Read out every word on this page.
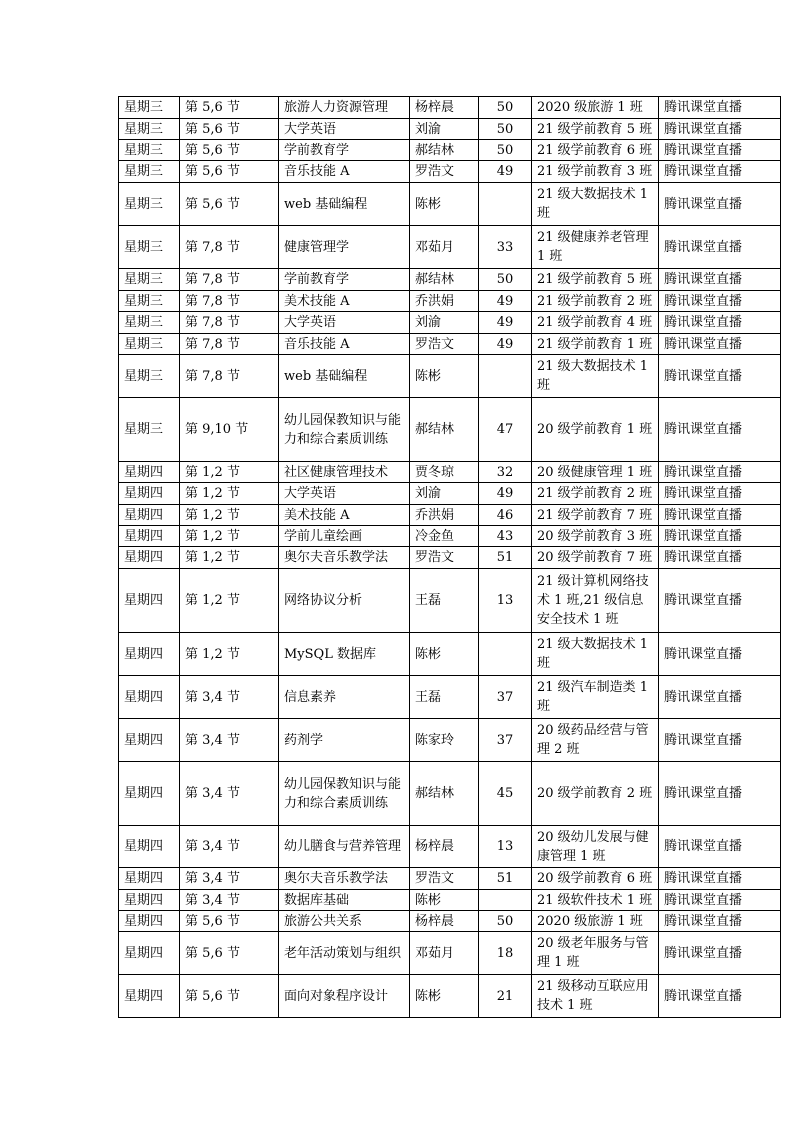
星期三	第 5,6 节	旅游人力资源管理	杨梓晨	50	2020 级旅游 1 班	腾讯课堂直播
星期三	第 5,6 节	大学英语	刘渝	50	21 级学前教育 5 班	腾讯课堂直播
星期三	第 5,6 节	学前教育学	郝结林	50	21 级学前教育 6 班	腾讯课堂直播
星期三	第 5,6 节	音乐技能 A	罗浩文	49	21 级学前教育 3 班	腾讯课堂直播
星期三	第 5,6 节	web 基础编程	陈彬		21 级大数据技术 1 班	腾讯课堂直播
星期三	第 7,8 节	健康管理学	邓茹月	33	21 级健康养老管理 1 班	腾讯课堂直播
星期三	第 7,8 节	学前教育学	郝结林	50	21 级学前教育 5 班	腾讯课堂直播
星期三	第 7,8 节	美术技能 A	乔洪娟	49	21 级学前教育 2 班	腾讯课堂直播
星期三	第 7,8 节	大学英语	刘渝	49	21 级学前教育 4 班	腾讯课堂直播
星期三	第 7,8 节	音乐技能 A	罗浩文	49	21 级学前教育 1 班	腾讯课堂直播
星期三	第 7,8 节	web 基础编程	陈彬		21 级大数据技术 1 班	腾讯课堂直播
星期三	第 9,10 节	幼儿园保教知识与能力和综合素质训练	郝结林	47	20 级学前教育 1 班	腾讯课堂直播
星期四	第 1,2 节	社区健康管理技术	贾冬琼	32	20 级健康管理 1 班	腾讯课堂直播
星期四	第 1,2 节	大学英语	刘渝	49	21 级学前教育 2 班	腾讯课堂直播
星期四	第 1,2 节	美术技能 A	乔洪娟	46	21 级学前教育 7 班	腾讯课堂直播
星期四	第 1,2 节	学前儿童绘画	冷金鱼	43	20 级学前教育 3 班	腾讯课堂直播
星期四	第 1,2 节	奥尔夫音乐教学法	罗浩文	51	20 级学前教育 7 班	腾讯课堂直播
星期四	第 1,2 节	网络协议分析	王磊	13	21 级计算机网络技术 1 班,21 级信息安全技术 1 班	腾讯课堂直播
星期四	第 1,2 节	MySQL 数据库	陈彬		21 级大数据技术 1 班	腾讯课堂直播
星期四	第 3,4 节	信息素养	王磊	37	21 级汽车制造类 1 班	腾讯课堂直播
星期四	第 3,4 节	药剂学	陈家玲	37	20 级药品经营与管理 2 班	腾讯课堂直播
星期四	第 3,4 节	幼儿园保教知识与能力和综合素质训练	郝结林	45	20 级学前教育 2 班	腾讯课堂直播
星期四	第 3,4 节	幼儿膳食与营养管理	杨梓晨	13	20 级幼儿发展与健康管理 1 班	腾讯课堂直播
星期四	第 3,4 节	奥尔夫音乐教学法	罗浩文	51	20 级学前教育 6 班	腾讯课堂直播
星期四	第 3,4 节	数据库基础	陈彬		21 级软件技术 1 班	腾讯课堂直播
星期四	第 5,6 节	旅游公共关系	杨梓晨	50	2020 级旅游 1 班	腾讯课堂直播
星期四	第 5,6 节	老年活动策划与组织	邓茹月	18	20 级老年服务与管理 1 班	腾讯课堂直播
星期四	第 5,6 节	面向对象程序设计	陈彬	21	21 级移动互联应用技术 1 班	腾讯课堂直播
